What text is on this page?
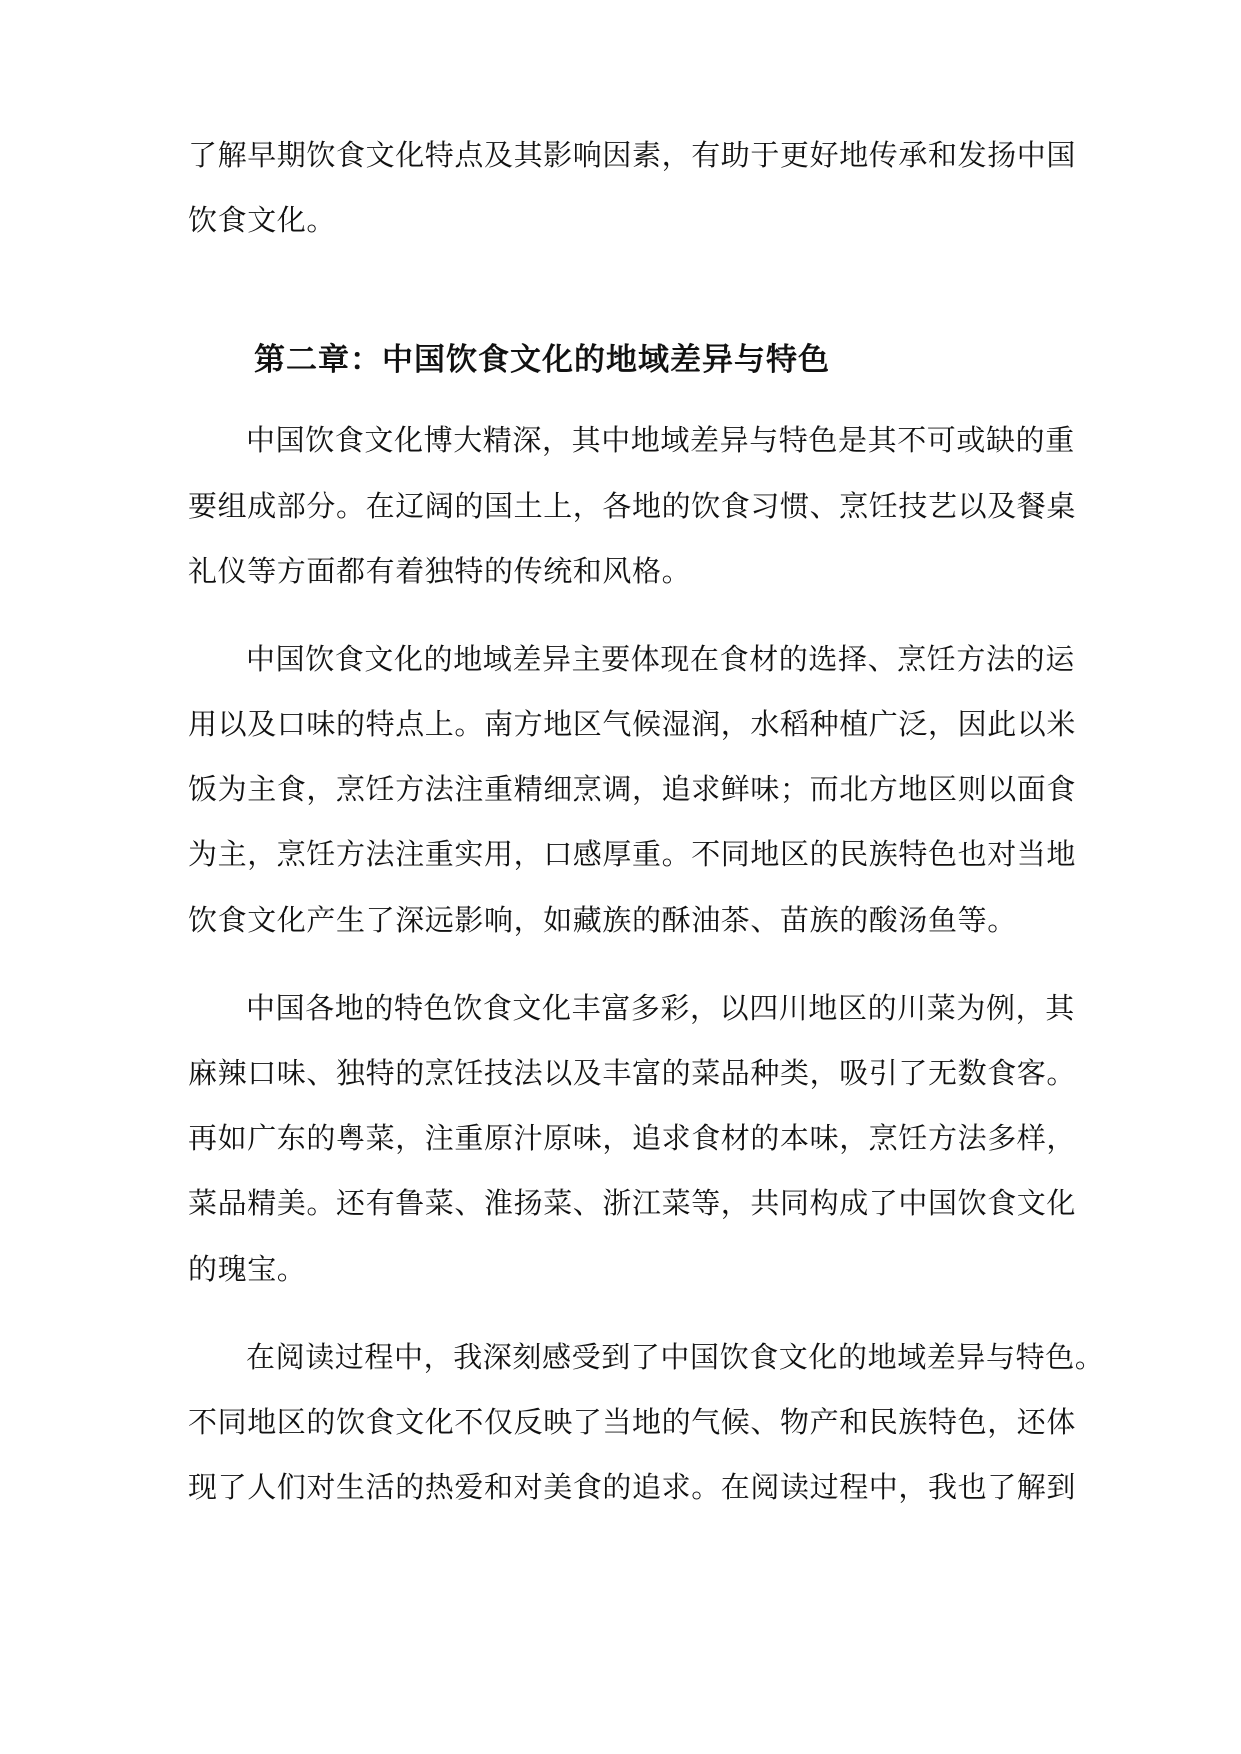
了解早期饮食文化特点及其影响因素，有助于更好地传承和发扬中国
饮食文化。
第二章：中国饮食文化的地域差异与特色
中国饮食文化博大精深，其中地域差异与特色是其不可或缺的重
要组成部分。在辽阔的国土上，各地的饮食习惯、烹饪技艺以及餐桌
礼仪等方面都有着独特的传统和风格。
中国饮食文化的地域差异主要体现在食材的选择、烹饪方法的运
用以及口味的特点上。南方地区气候湿润，水稻种植广泛，因此以米
饭为主食，烹饪方法注重精细烹调，追求鲜味；而北方地区则以面食
为主，烹饪方法注重实用，口感厚重。不同地区的民族特色也对当地
饮食文化产生了深远影响，如藏族的酥油茶、苗族的酸汤鱼等。
中国各地的特色饮食文化丰富多彩，以四川地区的川菜为例，其
麻辣口味、独特的烹饪技法以及丰富的菜品种类，吸引了无数食客。
再如广东的粤菜，注重原汁原味，追求食材的本味，烹饪方法多样，
菜品精美。还有鲁菜、淮扬菜、浙江菜等，共同构成了中国饮食文化
的瑰宝。
在阅读过程中，我深刻感受到了中国饮食文化的地域差异与特色。
不同地区的饮食文化不仅反映了当地的气候、物产和民族特色，还体
现了人们对生活的热爱和对美食的追求。在阅读过程中，我也了解到
